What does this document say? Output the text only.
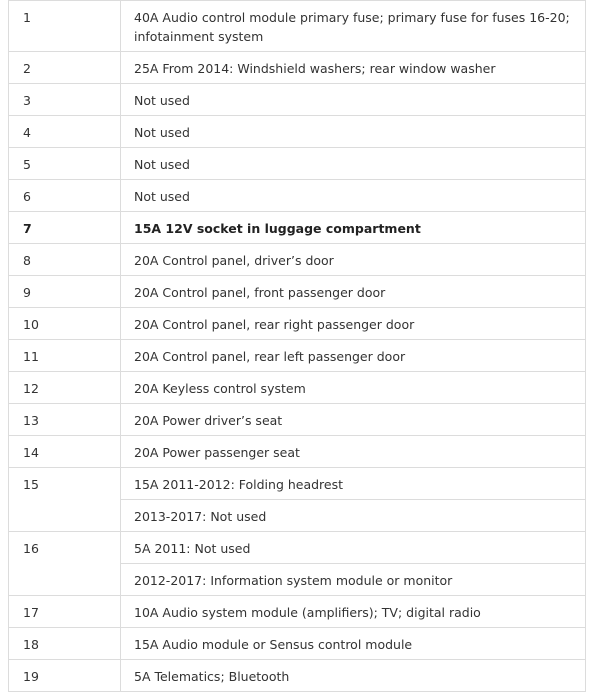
1	40A Audio control module primary fuse; primary fuse for fuses 16-20; infotainment system
2	25A From 2014: Windshield washers; rear window washer
3	Not used
4	Not used
5	Not used
6	Not used
7	15A 12V socket in luggage compartment
8	20A Control panel, driver’s door
9	20A Control panel, front passenger door
10	20A Control panel, rear right passenger door
11	20A Control panel, rear left passenger door
12	20A Keyless control system
13	20A Power driver’s seat
14	20A Power passenger seat
15	15A 2011-2012: Folding headrest
	2013-2017: Not used
16	5A 2011: Not used
	2012-2017: Information system module or monitor
17	10A Audio system module (amplifiers); TV; digital radio
18	15A Audio module or Sensus control module
19	5A Telematics; Bluetooth
